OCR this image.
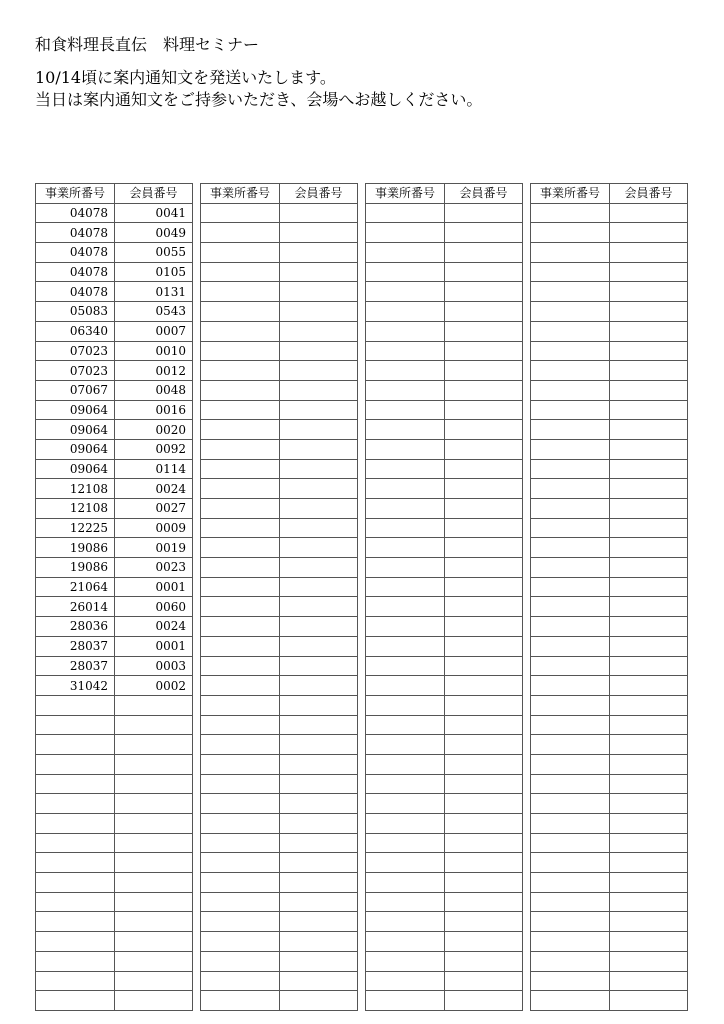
和食料理長直伝　料理セミナー
10/14頃に案内通知文を発送いたします。
当日は案内通知文をご持参いただき、会場へお越しください。
事業所番号	会員番号
04078	0041
04078	0049
04078	0055
04078	0105
04078	0131
05083	0543
06340	0007
07023	0010
07023	0012
07067	0048
09064	0016
09064	0020
09064	0092
09064	0114
12108	0024
12108	0027
12225	0009
19086	0019
19086	0023
21064	0001
26014	0060
28036	0024
28037	0001
28037	0003
31042	0002

事業所番号	会員番号

		事業所番号	会員番号

		事業所番号	会員番号
